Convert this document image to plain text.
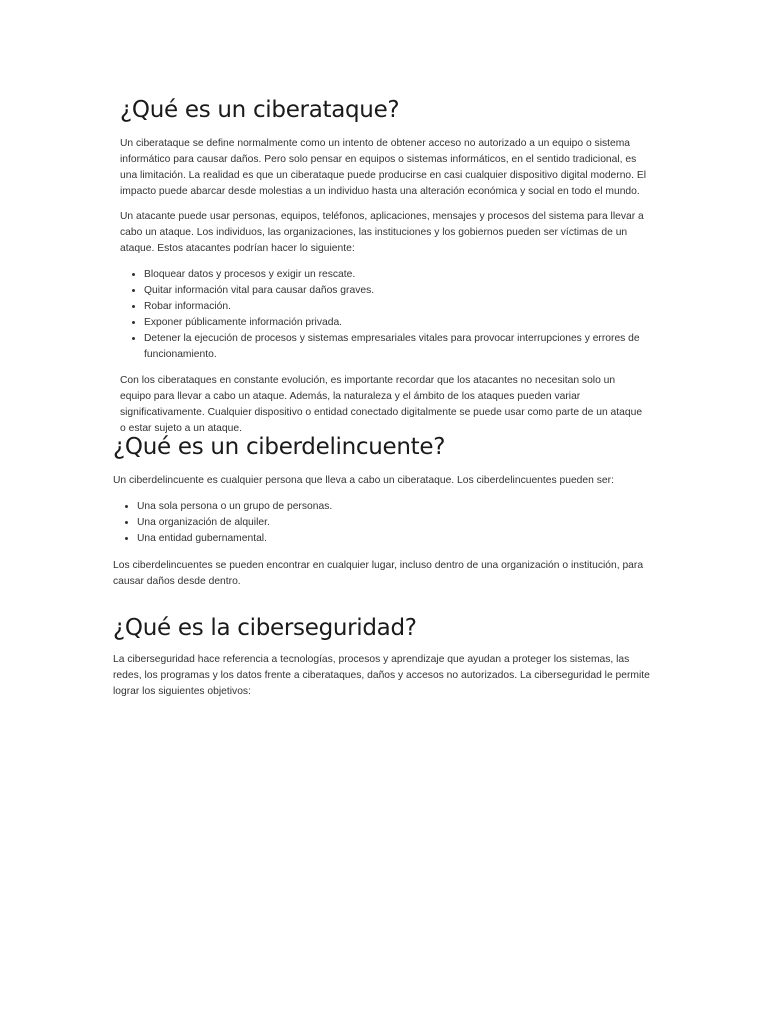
¿Qué es un ciberataque?

Un ciberataque se define normalmente como un intento de obtener acceso no autorizado a un equipo o sistema informático para causar daños. Pero solo pensar en equipos o sistemas informáticos, en el sentido tradicional, es una limitación. La realidad es que un ciberataque puede producirse en casi cualquier dispositivo digital moderno. El impacto puede abarcar desde molestias a un individuo hasta una alteración económica y social en todo el mundo.

Un atacante puede usar personas, equipos, teléfonos, aplicaciones, mensajes y procesos del sistema para llevar a cabo un ataque. Los individuos, las organizaciones, las instituciones y los gobiernos pueden ser víctimas de un ataque. Estos atacantes podrían hacer lo siguiente:

• Bloquear datos y procesos y exigir un rescate.
• Quitar información vital para causar daños graves.
• Robar información.
• Exponer públicamente información privada.
• Detener la ejecución de procesos y sistemas empresariales vitales para provocar interrupciones y errores de funcionamiento.

Con los ciberataques en constante evolución, es importante recordar que los atacantes no necesitan solo un equipo para llevar a cabo un ataque. Además, la naturaleza y el ámbito de los ataques pueden variar significativamente. Cualquier dispositivo o entidad conectado digitalmente se puede usar como parte de un ataque o estar sujeto a un ataque.

¿Qué es un ciberdelincuente?

Un ciberdelincuente es cualquier persona que lleva a cabo un ciberataque. Los ciberdelincuentes pueden ser:

• Una sola persona o un grupo de personas.
• Una organización de alquiler.
• Una entidad gubernamental.

Los ciberdelincuentes se pueden encontrar en cualquier lugar, incluso dentro de una organización o institución, para causar daños desde dentro.

¿Qué es la ciberseguridad?

La ciberseguridad hace referencia a tecnologías, procesos y aprendizaje que ayudan a proteger los sistemas, las redes, los programas y los datos frente a ciberataques, daños y accesos no autorizados. La ciberseguridad le permite lograr los siguientes objetivos:
